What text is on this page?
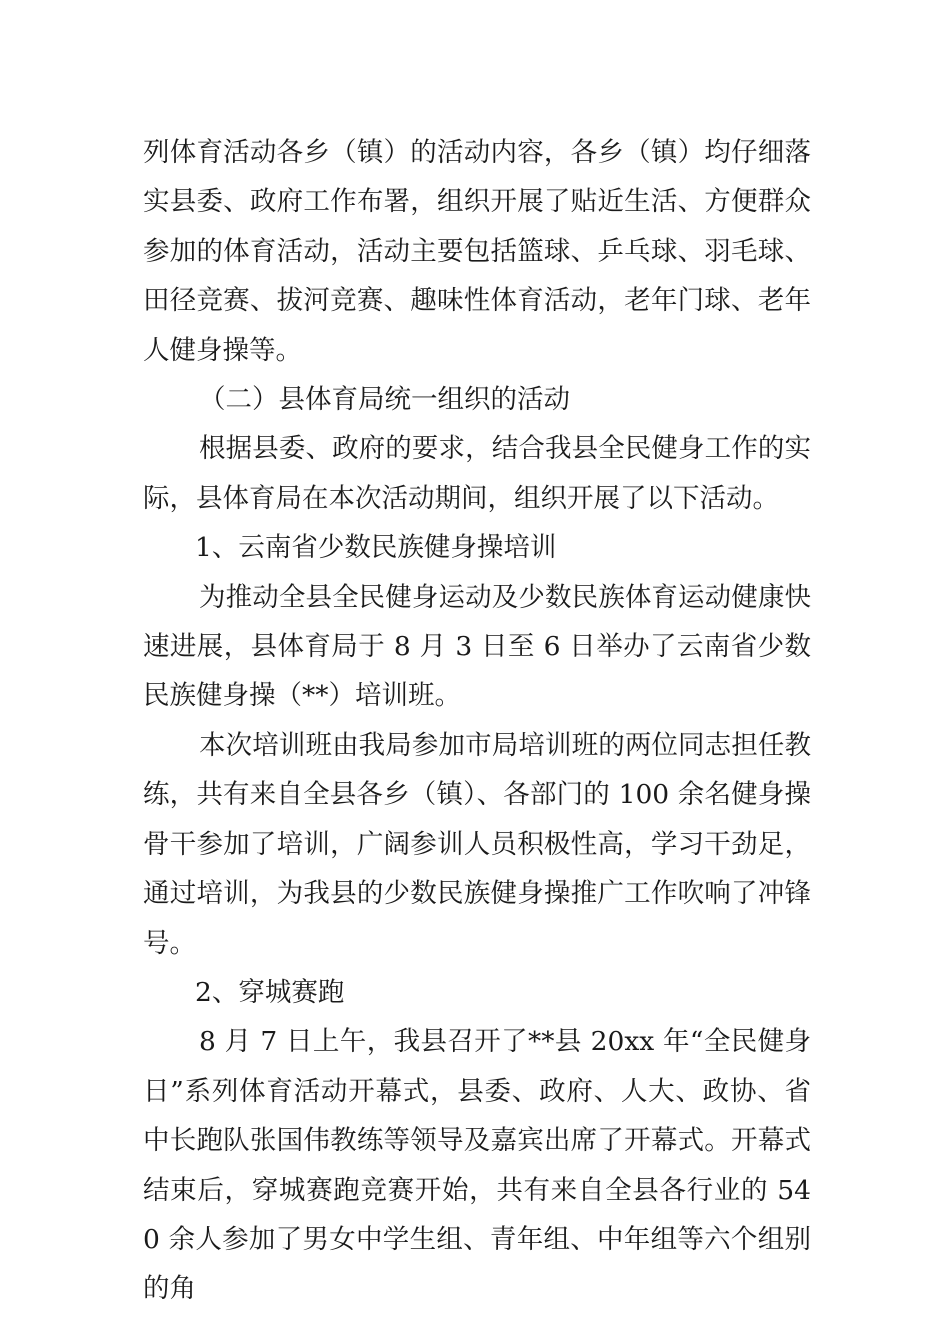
列体育活动各乡（镇）的活动内容，各乡（镇）均仔细落实县委、政府工作布署，组织开展了贴近生活、方便群众参加的体育活动，活动主要包括篮球、乒乓球、羽毛球、田径竞赛、拔河竞赛、趣味性体育活动，老年门球、老年人健身操等。

（二）县体育局统一组织的活动

根据县委、政府的要求，结合我县全民健身工作的实际，县体育局在本次活动期间，组织开展了以下活动。

1、云南省少数民族健身操培训

为推动全县全民健身运动及少数民族体育运动健康快速进展，县体育局于 8 月 3 日至 6 日举办了云南省少数民族健身操（**）培训班。

本次培训班由我局参加市局培训班的两位同志担任教练，共有来自全县各乡（镇）、各部门的 100 余名健身操骨干参加了培训，广阔参训人员积极性高，学习干劲足，通过培训，为我县的少数民族健身操推广工作吹响了冲锋号。

2、穿城赛跑

8 月 7 日上午，我县召开了**县 20xx 年“全民健身日”系列体育活动开幕式，县委、政府、人大、政协、省中长跑队张国伟教练等领导及嘉宾出席了开幕式。开幕式结束后，穿城赛跑竞赛开始，共有来自全县各行业的 540 余人参加了男女中学生组、青年组、中年组等六个组别的角
